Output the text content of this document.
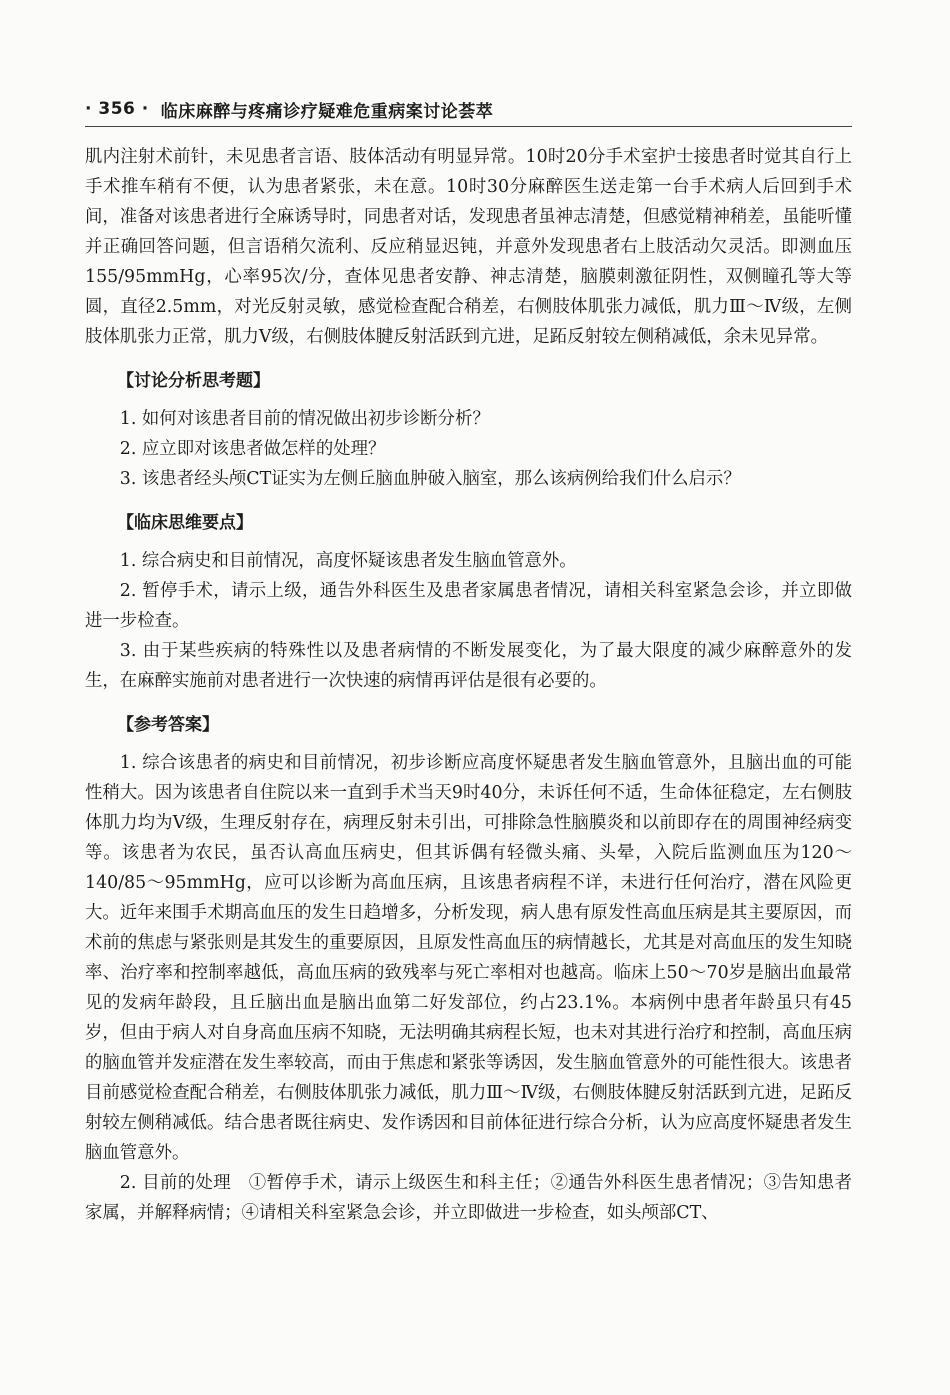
· 356 · 临床麻醉与疼痛诊疗疑难危重病案讨论荟萃

肌内注射术前针，未见患者言语、肢体活动有明显异常。10时20分手术室护士接患者时觉其自行上手术推车稍有不便，认为患者紧张，未在意。10时30分麻醉医生送走第一台手术病人后回到手术间，准备对该患者进行全麻诱导时，同患者对话，发现患者虽神志清楚，但感觉精神稍差，虽能听懂并正确回答问题，但言语稍欠流利、反应稍显迟钝，并意外发现患者右上肢活动欠灵活。即测血压155/95mmHg，心率95次/分，查体见患者安静、神志清楚，脑膜刺激征阴性，双侧瞳孔等大等圆，直径2.5mm，对光反射灵敏，感觉检查配合稍差，右侧肢体肌张力减低，肌力Ⅲ～Ⅳ级，左侧肢体肌张力正常，肌力Ⅴ级，右侧肢体腱反射活跃到亢进，足跖反射较左侧稍减低，余未见异常。

【讨论分析思考题】

1. 如何对该患者目前的情况做出初步诊断分析？

2. 应立即对该患者做怎样的处理？

3. 该患者经头颅CT证实为左侧丘脑血肿破入脑室，那么该病例给我们什么启示？

【临床思维要点】

1. 综合病史和目前情况，高度怀疑该患者发生脑血管意外。

2. 暂停手术，请示上级，通告外科医生及患者家属患者情况，请相关科室紧急会诊，并立即做进一步检查。

3. 由于某些疾病的特殊性以及患者病情的不断发展变化，为了最大限度的减少麻醉意外的发生，在麻醉实施前对患者进行一次快速的病情再评估是很有必要的。

【参考答案】

1. 综合该患者的病史和目前情况，初步诊断应高度怀疑患者发生脑血管意外，且脑出血的可能性稍大。因为该患者自住院以来一直到手术当天9时40分，未诉任何不适，生命体征稳定，左右侧肢体肌力均为Ⅴ级，生理反射存在，病理反射未引出，可排除急性脑膜炎和以前即存在的周围神经病变等。该患者为农民，虽否认高血压病史，但其诉偶有轻微头痛、头晕，入院后监测血压为120～140/85～95mmHg，应可以诊断为高血压病，且该患者病程不详，未进行任何治疗，潜在风险更大。近年来围手术期高血压的发生日趋增多，分析发现，病人患有原发性高血压病是其主要原因，而术前的焦虑与紧张则是其发生的重要原因，且原发性高血压的病情越长，尤其是对高血压的发生知晓率、治疗率和控制率越低，高血压病的致残率与死亡率相对也越高。临床上50～70岁是脑出血最常见的发病年龄段，且丘脑出血是脑出血第二好发部位，约占23.1%。本病例中患者年龄虽只有45岁，但由于病人对自身高血压病不知晓，无法明确其病程长短，也未对其进行治疗和控制，高血压病的脑血管并发症潜在发生率较高，而由于焦虑和紧张等诱因，发生脑血管意外的可能性很大。该患者目前感觉检查配合稍差，右侧肢体肌张力减低，肌力Ⅲ～Ⅳ级，右侧肢体腱反射活跃到亢进，足跖反射较左侧稍减低。结合患者既往病史、发作诱因和目前体征进行综合分析，认为应高度怀疑患者发生脑血管意外。

2. 目前的处理　①暂停手术，请示上级医生和科主任；②通告外科医生患者情况；③告知患者家属，并解释病情；④请相关科室紧急会诊，并立即做进一步检查，如头颅部CT、
